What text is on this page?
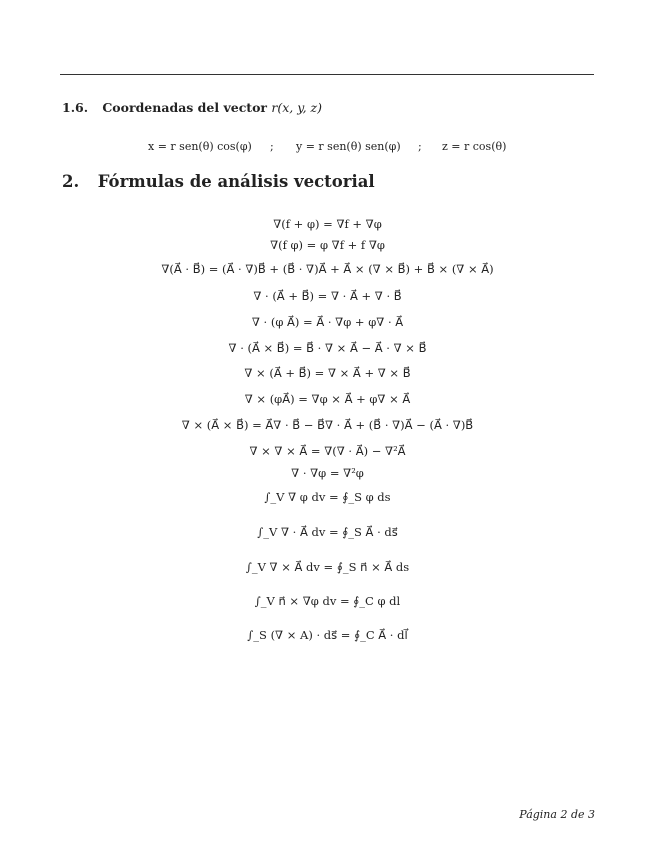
1.6. Coordenadas del vector r(x, y, z)
x = r sen(θ) cos(φ) ; y = r sen(θ) sen(φ) ; z = r cos(θ)
2. Fórmulas de análisis vectorial
∇(f + φ) = ∇f + ∇φ
∇(f φ) = φ ∇f + f ∇φ
∇(A⃗ · B⃗) = (A⃗ · ∇)B⃗ + (B⃗ · ∇)A⃗ + A⃗ × (∇ × B⃗) + B⃗ × (∇ × A⃗)
∇ · (A⃗ + B⃗) = ∇ · A⃗ + ∇ · B⃗
∇ · (φ A⃗) = A⃗ · ∇φ + φ∇ · A⃗
∇ · (A⃗ × B⃗) = B⃗ · ∇ × A⃗ − A⃗ · ∇ × B⃗
∇ × (A⃗ + B⃗) = ∇ × A⃗ + ∇ × B⃗
∇ × (φA⃗) = ∇φ × A⃗ + φ∇ × A⃗
∇ × (A⃗ × B⃗) = A⃗∇ · B⃗ − B⃗∇ · A⃗ + (B⃗ · ∇)A⃗ − (A⃗ · ∇)B⃗
∇ × ∇ × A⃗ = ∇(∇ · A⃗) − ∇²A⃗
∇ · ∇φ = ∇²φ
∫_V ∇ φ dv = ∮_S φ ds
∫_V ∇ · A⃗ dv = ∮_S A⃗ · ds⃗
∫_V ∇ × A⃗ dv = ∮_S n⃗ × A⃗ ds
∫_V n⃗ × ∇φ dv = ∮_C φ dl
∫_S (∇ × A) · ds⃗ = ∮_C A⃗ · dl⃗
Página 2 de 3
